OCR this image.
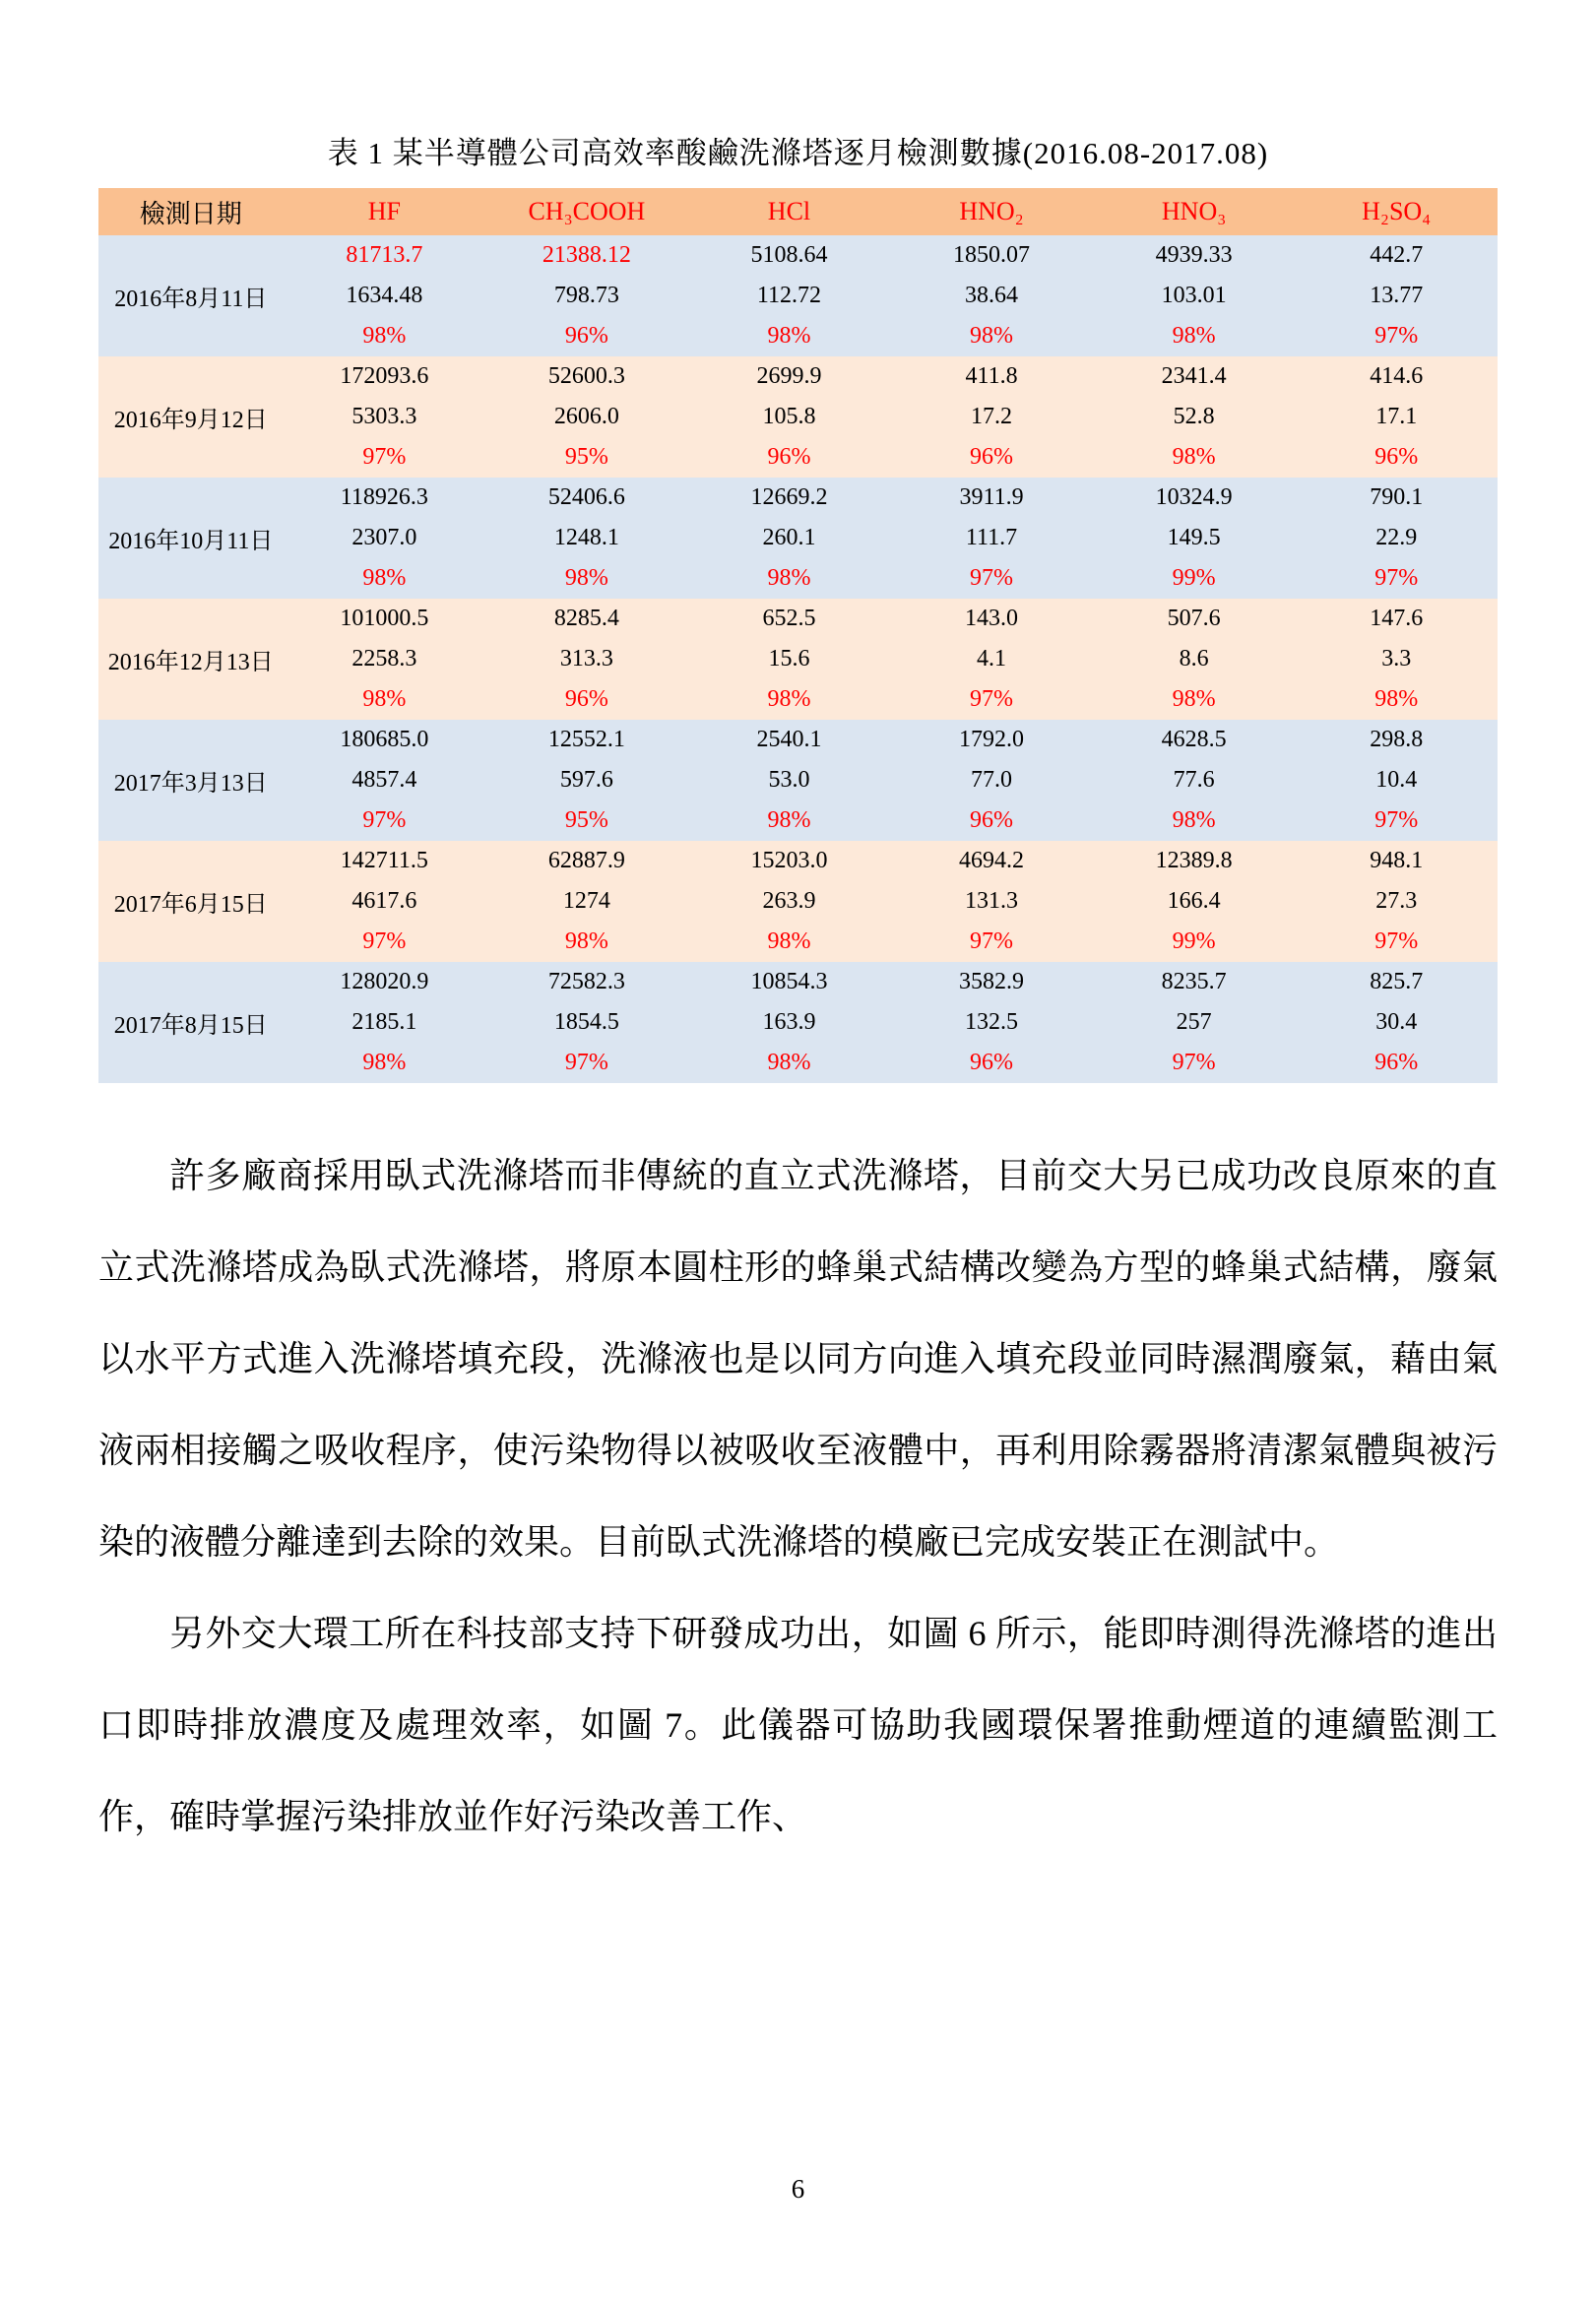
表 1 某半導體公司高效率酸鹼洗滌塔逐月檢測數據(2016.08-2017.08)
檢測日期	HF	CH₃COOH	HCl	HNO₂	HNO₃	H₂SO₄
2016年8月11日	81713.7	21388.12	5108.64	1850.07	4939.33	442.7
	1634.48	798.73	112.72	38.64	103.01	13.77
	98%	96%	98%	98%	98%	97%
2016年9月12日	172093.6	52600.3	2699.9	411.8	2341.4	414.6
	5303.3	2606.0	105.8	17.2	52.8	17.1
	97%	95%	96%	96%	98%	96%
2016年10月11日	118926.3	52406.6	12669.2	3911.9	10324.9	790.1
	2307.0	1248.1	260.1	111.7	149.5	22.9
	98%	98%	98%	97%	99%	97%
2016年12月13日	101000.5	8285.4	652.5	143.0	507.6	147.6
	2258.3	313.3	15.6	4.1	8.6	3.3
	98%	96%	98%	97%	98%	98%
2017年3月13日	180685.0	12552.1	2540.1	1792.0	4628.5	298.8
	4857.4	597.6	53.0	77.0	77.6	10.4
	97%	95%	98%	96%	98%	97%
2017年6月15日	142711.5	62887.9	15203.0	4694.2	12389.8	948.1
	4617.6	1274	263.9	131.3	166.4	27.3
	97%	98%	98%	97%	99%	97%
2017年8月15日	128020.9	72582.3	10854.3	3582.9	8235.7	825.7
	2185.1	1854.5	163.9	132.5	257	30.4
	98%	97%	98%	96%	97%	96%

許多廠商採用臥式洗滌塔而非傳統的直立式洗滌塔，目前交大另已成功改良原來的直立式洗滌塔成為臥式洗滌塔，將原本圓柱形的蜂巢式結構改變為方型的蜂巢式結構，廢氣以水平方式進入洗滌塔填充段，洗滌液也是以同方向進入填充段並同時濕潤廢氣，藉由氣液兩相接觸之吸收程序，使污染物得以被吸收至液體中，再利用除霧器將清潔氣體與被污染的液體分離達到去除的效果。目前臥式洗滌塔的模廠已完成安裝正在測試中。

另外交大環工所在科技部支持下研發成功出，如圖 6 所示，能即時測得洗滌塔的進出口即時排放濃度及處理效率，如圖 7。此儀器可協助我國環保署推動煙道的連續監測工作，確時掌握污染排放並作好污染改善工作、

6
